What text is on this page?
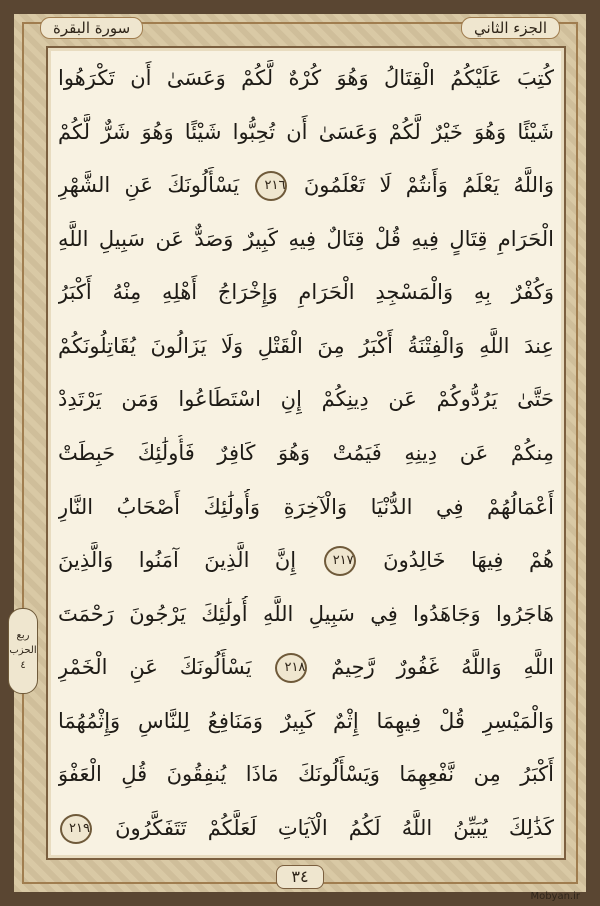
الجزء الثاني
سورة البقرة
كُتِبَ عَلَيْكُمُ الْقِتَالُ وَهُوَ كُرْهٌ لَّكُمْ وَعَسَىٰ أَن تَكْرَهُوا
شَيْئًا وَهُوَ خَيْرٌ لَّكُمْ وَعَسَىٰ أَن تُحِبُّوا شَيْئًا وَهُوَ شَرٌّ لَّكُمْ
وَاللَّهُ يَعْلَمُ وَأَنتُمْ لَا تَعْلَمُونَ ٢١٦ يَسْأَلُونَكَ عَنِ الشَّهْرِ
الْحَرَامِ قِتَالٍ فِيهِ قُلْ قِتَالٌ فِيهِ كَبِيرٌ وَصَدٌّ عَن سَبِيلِ اللَّهِ
وَكُفْرٌ بِهِ وَالْمَسْجِدِ الْحَرَامِ وَإِخْرَاجُ أَهْلِهِ مِنْهُ أَكْبَرُ
عِندَ اللَّهِ وَالْفِتْنَةُ أَكْبَرُ مِنَ الْقَتْلِ وَلَا يَزَالُونَ يُقَاتِلُونَكُمْ
حَتَّىٰ يَرُدُّوكُمْ عَن دِينِكُمْ إِنِ اسْتَطَاعُوا وَمَن يَرْتَدِدْ
مِنكُمْ عَن دِينِهِ فَيَمُتْ وَهُوَ كَافِرٌ فَأُولَٰئِكَ حَبِطَتْ
أَعْمَالُهُمْ فِي الدُّنْيَا وَالْآخِرَةِ وَأُولَٰئِكَ أَصْحَابُ النَّارِ
هُمْ فِيهَا خَالِدُونَ ٢١٧ إِنَّ الَّذِينَ آمَنُوا وَالَّذِينَ
هَاجَرُوا وَجَاهَدُوا فِي سَبِيلِ اللَّهِ أُولَٰئِكَ يَرْجُونَ رَحْمَتَ
اللَّهِ وَاللَّهُ غَفُورٌ رَّحِيمٌ ٢١٨ يَسْأَلُونَكَ عَنِ الْخَمْرِ
وَالْمَيْسِرِ قُلْ فِيهِمَا إِثْمٌ كَبِيرٌ وَمَنَافِعُ لِلنَّاسِ وَإِثْمُهُمَا
أَكْبَرُ مِن نَّفْعِهِمَا وَيَسْأَلُونَكَ مَاذَا يُنفِقُونَ قُلِ الْعَفْوَ
كَذَٰلِكَ يُبَيِّنُ اللَّهُ لَكُمُ الْآيَاتِ لَعَلَّكُمْ تَتَفَكَّرُونَ ٢١٩
ربع
الحزب
٤
٣٤
Mobyan.ir
